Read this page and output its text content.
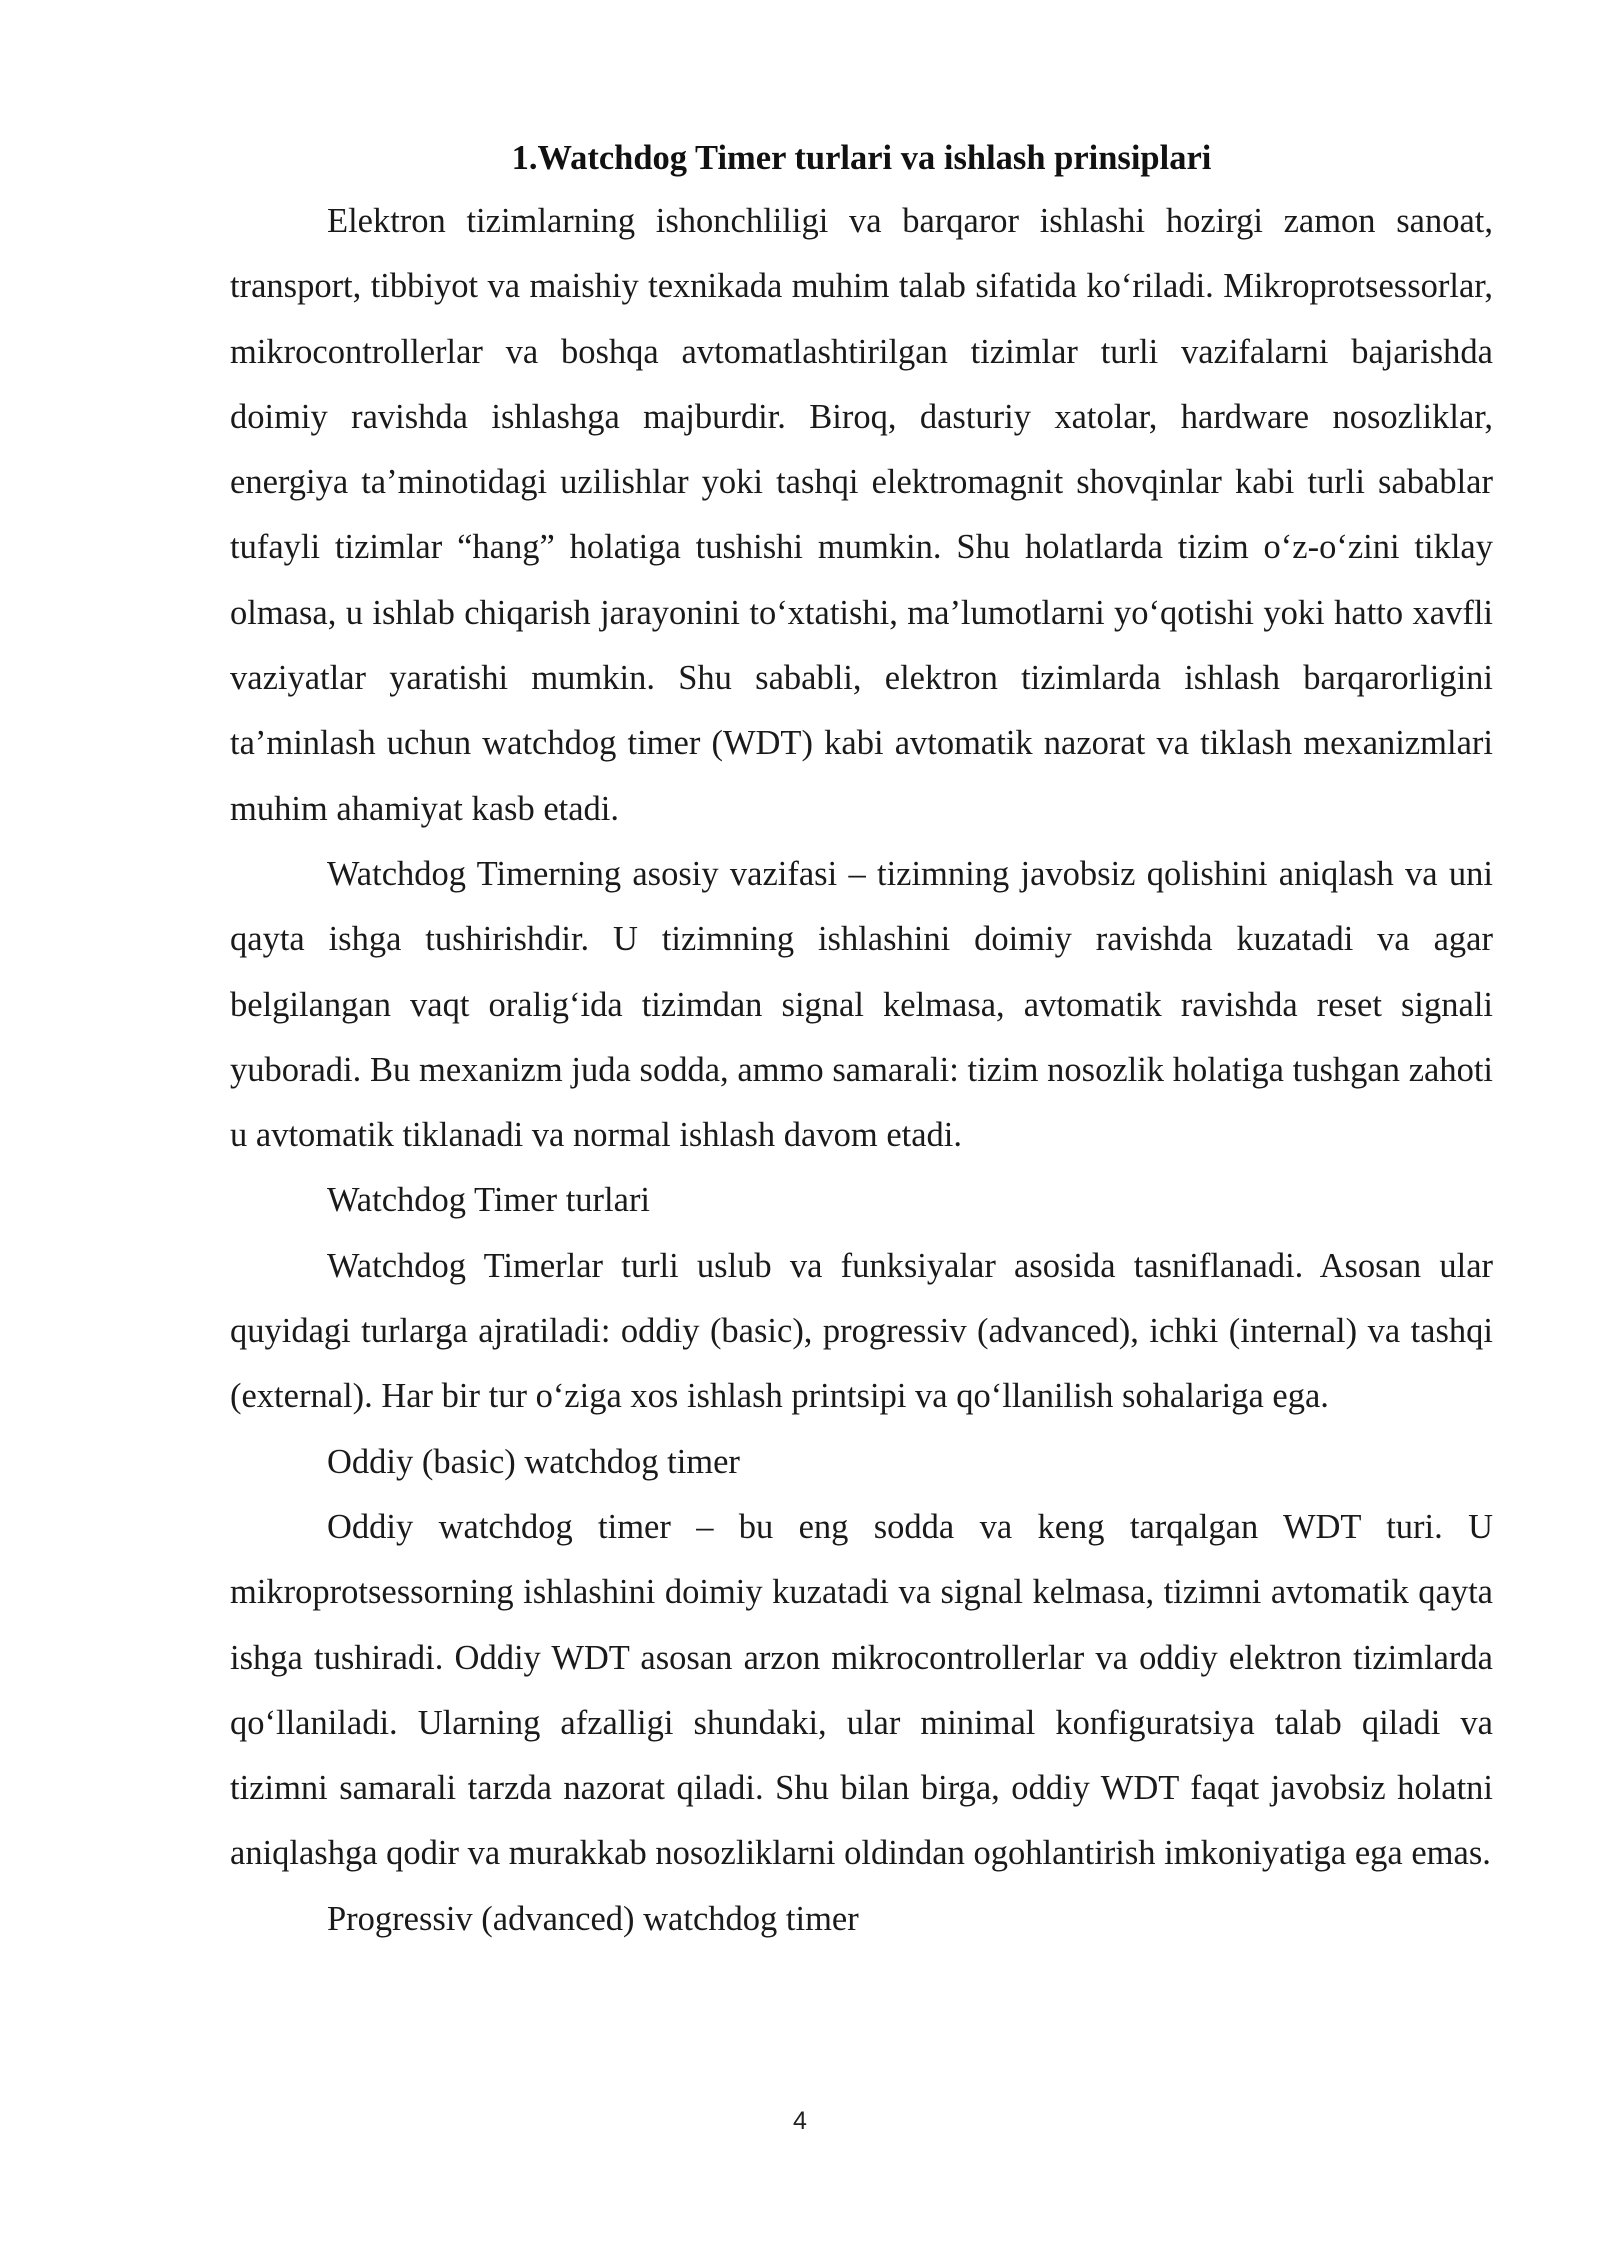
1.Watchdog Timer turlari va ishlash prinsiplari

Elektron tizimlarning ishonchliligi va barqaror ishlashi hozirgi zamon sanoat, transport, tibbiyot va maishiy texnikada muhim talab sifatida ko‘riladi. Mikroprotsessorlar, mikrocontrollerlar va boshqa avtomatlashtirilgan tizimlar turli vazifalarni bajarishda doimiy ravishda ishlashga majburdir. Biroq, dasturiy xatolar, hardware nosozliklar, energiya ta’minotidagi uzilishlar yoki tashqi elektromagnit shovqinlar kabi turli sabablar tufayli tizimlar “hang” holatiga tushishi mumkin. Shu holatlarda tizim o‘z-o‘zini tiklay olmasa, u ishlab chiqarish jarayonini to‘xtatishi, ma’lumotlarni yo‘qotishi yoki hatto xavfli vaziyatlar yaratishi mumkin. Shu sababli, elektron tizimlarda ishlash barqarorligini ta’minlash uchun watchdog timer (WDT) kabi avtomatik nazorat va tiklash mexanizmlari muhim ahamiyat kasb etadi.

Watchdog Timerning asosiy vazifasi – tizimning javobsiz qolishini aniqlash va uni qayta ishga tushirishdir. U tizimning ishlashini doimiy ravishda kuzatadi va agar belgilangan vaqt oralig‘ida tizimdan signal kelmasa, avtomatik ravishda reset signali yuboradi. Bu mexanizm juda sodda, ammo samarali: tizim nosozlik holatiga tushgan zahoti u avtomatik tiklanadi va normal ishlash davom etadi.

Watchdog Timer turlari

Watchdog Timerlar turli uslub va funksiyalar asosida tasniflanadi. Asosan ular quyidagi turlarga ajratiladi: oddiy (basic), progressiv (advanced), ichki (internal) va tashqi (external). Har bir tur o‘ziga xos ishlash printsipi va qo‘llanilish sohalariga ega.

Oddiy (basic) watchdog timer

Oddiy watchdog timer – bu eng sodda va keng tarqalgan WDT turi. U mikroprotsessorning ishlashini doimiy kuzatadi va signal kelmasa, tizimni avtomatik qayta ishga tushiradi. Oddiy WDT asosan arzon mikrocontrollerlar va oddiy elektron tizimlarda qo‘llaniladi. Ularning afzalligi shundaki, ular minimal konfiguratsiya talab qiladi va tizimni samarali tarzda nazorat qiladi. Shu bilan birga, oddiy WDT faqat javobsiz holatni aniqlashga qodir va murakkab nosozliklarni oldindan ogohlantirish imkoniyatiga ega emas.

Progressiv (advanced) watchdog timer

4
